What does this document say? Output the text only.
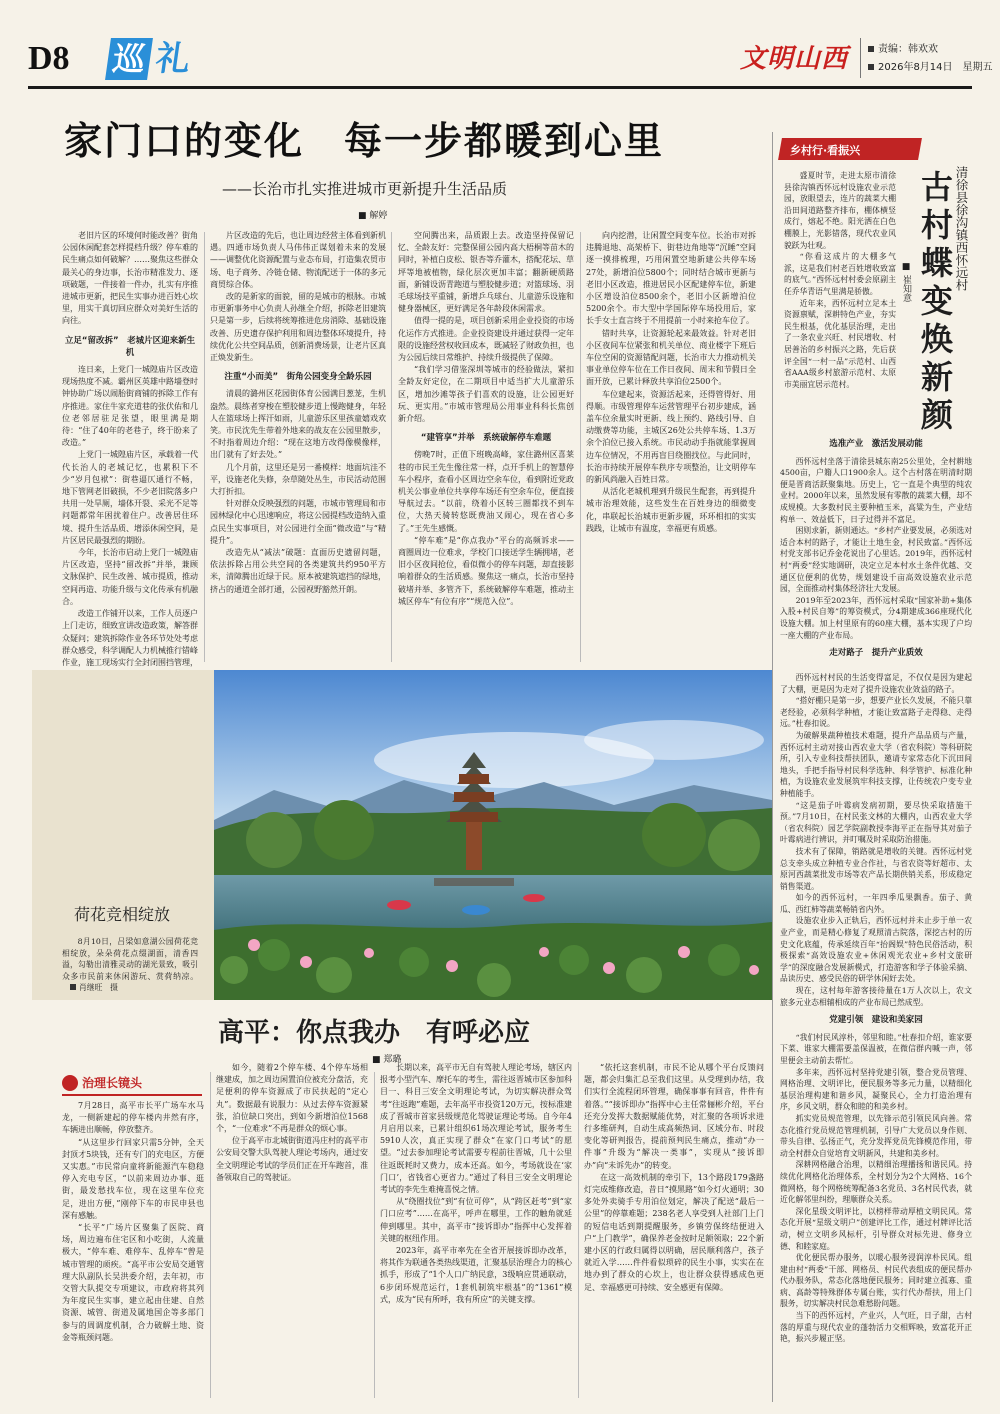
D8 巡 礼	文明山西	责编：韩欢欢
2026年8月14日　星期五
家门口的变化　每一步都暖到心里
——长治市扎实推进城市更新提升生活品质
■ 解婷

老旧片区的环境何时能改善？街角公园休闲配套怎样提档升级？停车难的民生痛点如何破解？……聚焦这些群众最关心的身边事，长治市精准发力、逐项破题，一件接着一件办，扎实有序推进城市更新，把民生实事办进百姓心坎里，用实干真切回应群众对美好生活的向往。

立足“留改拆”　老城片区迎来新生机

连日来，上党门一城隍庙片区改造现场热度不减。霸州区英雄中路墙登时钟协助广场以闹胎街商铺的拆除工作有序推进。家住牛家充道巷的张伏佑和几位老邻居驻足张望，眼里满是期待：“住了40年的老巷子，终于盼来了改造。”

上党门一城隍庙片区，承载着一代代长治人的老城记忆，也累积下不少“岁月包袱”：街巷逼仄通行不畅，地下管网老旧破损，不少老旧院落多户共用一处旱厕，墙体开裂、采光不足等问题都常年困扰着住户。改善居住环境、提升生活品质、增添休闲空间，是片区居民最强烈的期盼。

今年，长治市启动上党门一城隍庙片区改造，坚持“留改拆”并举，兼顾文脉保护、民生改善、城市提质，推动空间再造、功能升级与文化传承有机融合。

改造工作铺开以来，工作人员逐户上门走访，细致宣讲改造政策，解答群众疑问；建筑拆除作业各环节处处考虑群众感受，科学调配人力机械推行错峰作业，施工现场实行全封闭围挡管理，

片区改造的先后，也让周边经营主体看到新机遇。四通市场负责人马伟伟正谋划着未来的发展——调整优化资源配置与业态布局，打造集农贸市场、电子商务、冷链仓储、物流配送于一体的多元商贸综合体。

改的是新家的面貌，留的是城市的根脉。市城市更新事务中心负责人孙继全介绍，拆除老旧建筑只是第一步，后续将统筹推进危房消除、基础设施改善、历史遗存保护利用和周边整体环境提升，持续优化公共空间品质，创新消费场景，让老片区真正焕发新生。

注重“小而美”　街角公园变身全龄乐园

清晨的潞州区花园街体育公园满目葱茏，生机盎然。晨练者穿梭在塑胶健步道上慢跑健身，年轻人在篮球场上挥汗如雨，儿童游乐区里孩童嬉戏欢笑。市民沈先生带着外地来的战友在公园里散步，不时指着周边介绍：“现在这地方改得像模像样，出门就有了好去处。”

几个月前，这里还是另一番模样：地面坑洼不平，设施老化失修，杂草随处丛生，市民活动范围大打折扣。

针对群众反映强烈的问题，市城市管理局和市园林绿化中心迅速响应，将这公园提档改造纳入重点民生实事项目，对公园进行全面“微改造”与“精提升”。

改造先从“减法”破题：直面历史遗留问题，依法拆除占用公共空间的各类建筑共约950平方米，清障腾出近绿于民。原本被建筑遮挡的绿地，挤占的通道全部打通，公园视野豁然开朗。

空间腾出来，品质跟上去。改造坚持保留记忆、全龄友好：完整保留公园内高大梧桐等苗木的同时，补植白皮松、银杏等乔灌木，搭配花坛、草坪等地被植物，绿化层次更加丰富；翻新硬质路面，新铺设沥青跑道与塑胶健步道；对篮球场、羽毛球场技平重铺，新增乒乓球台、儿童游乐设施和健身器械区，更好满足各年龄段休闲需求。

值得一提的是，项目创新采用企业投资的市场化运作方式推进。企业投资建设并通过获得一定年限的设施经营权收回成本，既减轻了财政负担，也为公园后续日常维护、持续升级提供了保障。

“我们学习借鉴深圳等城市的经验做法，紧扣全龄友好定位，在二期项目中适当扩大儿童游乐区，增加沙滩等孩子们喜欢的设施，让公园更好玩、更实用。”市城市管理局公用事业科科长焦创新介绍。

“建管享”并举　系统破解停车难题

傍晚7时，正值下班晚高峰，家住潞州区喜莱巷的市民王先生像往常一样，点开手机上的智慧停车小程序，查看小区周边空余车位，看到附近党政机关公事业单位共享停车场还有空余车位，便直接导航过去。“以前，绕着小区转三圈都找不到车位，大热天骑转悠既费油又闹心，现在省心多了。”王先生感慨。

“停车难”是“你点我办”平台的高频诉求——商圈周边一位难求，学校门口接送学生辆拥堵，老旧小区夜间抢位，看似微小的停车问题，却直接影响着群众的生活质感。聚焦这一痛点，长治市坚持破堵并举、多管齐下，系统破解停车难题，推动主城区停车“有位有序”“规范入位”。

向内挖潜，让闲置空间变车位。长治市对拆违腾退地、高架桥下、街巷边角地等“沉睡”空间逐一摸排梳理，巧用闲置空地新建公共停车场27处，新增泊位5800个；同时结合城市更新与老旧小区改造，推进居民小区配建停车位，新建小区增设泊位8500余个，老旧小区新增泊位5200余个。市大型中学国际停车场投用后，家长手女士直言终于不用提前一小时来抢车位了。

错时共享，让资源轮起来最效益。针对老旧小区夜间车位紧张和机关单位、商业楼字下班后车位空闲的资源错配问题，长治市大力推动机关事业单位停车位在工作日夜间、周末和节假日全面开放，已累计释放共享泊位2500个。

车位建起来，资源活起来，还得管得好、用得顺。市级管理停车运营管理平台初步建成，涵盖车位余量实时更新、线上预约、路线引导、自动缴费等功能，主城区26处公共停车场、1.3万余个泊位已接入系统。市民动动手指就能掌握周边车位情况，不用再盲目绕圈找位。与此同时，长治市持续开展停车秩序专项整治，让文明停车的新风尚融入百姓日常。

从活化老城机理到升级民生配套，再到提升城市治理效能，这些发生在百姓身边的细微变化，串联起长治城市更新步履，环环相扣的实实践践，让城市有温度，幸福更有质感。

乡村行·看振兴

盛夏时节，走进太原市清徐县徐沟镇西怀远村设施农业示范园，放眼望去，连片的蔬菜大棚沿田间道路整齐排布，棚体横竖成行，熔起不绝。阳光洒在白色棚膜上，光影错落，现代农业风貌跃为壮观。

“你看这成片的大棚多气派，这是我们村老百姓增收致富的底气。”西怀远村村委会原副主任乔华青语气里满是骄傲。

近年来，西怀远村立足本土资源禀赋，深耕特色产业，夯实民生根基，优化基层治理，走出了一条农业兴旺、村民增收、村居善治的乡村振兴之路，先后获评全国“一村一品”示范村、山西省AAA级乡村旅游示范村、太原市美丽宜居示范村。

■ 崔知意 古村蝶变焕新颜 清徐县徐沟镇西怀远村

选准产业　激活发展动能

西怀远村坐落于清徐县城东南25公里处，全村耕地4500亩，户籍人口1900余人。这个古村落在明清时期便是晋商活跃聚集地。历史上，它一直是个典型的纯农业村。2000年以来，虽然发展有零散的蔬菜大棚，却不成规模。大多数村民主要种植玉米，高粱为生，产业结构单一、效益低下，日子过得并不富足。

困则求新，新则通达。“乡村产业要发展，必须选对适合本村的路子，才能让土地生金，村民致富。”西怀远村党支部书记乔金花说出了心里话。2019年，西怀远村村“两委”经实地调研，决定立足本村水土条件优越、交通区位便利的优势，规划建设千亩高效设施农业示范园，全面推动村集体经济壮大发展。

2019年至2023年，西怀远村采取“国家补助+集体入股+村民自筹”的筹资模式，分4期建成366座现代化设施大棚。加上村里原有的60座大棚，基本实现了户均一座大棚的产业布局。

走对路子　提升产业质效

西怀远村村民的生活变得富足，不仅仅是因为建起了大棚，更是因为走对了提升设施农业效益的路子。

“搭好棚只是第一步，想要产业长久发展，不能只靠老经验，必须科学种植，才能让致富路子走得稳、走得远。”杜春扣说。

为破解果蔬种植技术难题，提升产品品质与产量，西怀远村主动对接山西农业大学（省农科院）等科研院所，引入专业科技帮扶团队，邀请专家常态化下沉田间地头，手把手指导村民科学选种、科学管护、标准化种植，为设施农业发展筑牢科技支撑，让传统农户变专业种植能手。

“这是茄子叶霉病发病初期，要尽快采取措施干预。”7月10日，在村民张文林的大棚内，山西农业大学（省农科院）园艺学院副教授李海平正在指导其对茄子叶霉病进行辨识，并叮嘱及时采取防治措施。

技术有了保障，销路就是增收的关键。西怀远村党总支牵头成立种植专业合作社，与省农资等好超市、太原河西蔬菜批发市场等农产品长期供销关系，形成稳定销售渠道。

如今的西怀远村，一年四季瓜果飘香。茄子、黄瓜、西红柿等蔬菜畅销省内外。

设施农业步入正轨后，西怀远村并未止步于单一农业产业，而是精心修复了观照清古院落，深挖古村的历史文化底蕴，传承延续百年“抬阁娱”特色民俗活动，积极探索“高效设施农业+休闲观光农业+乡村文旅研学”的深度融合发展新模式，打造游客和学子体验采摘、品读历史、感受民俗的研学休闲好去处。

现在，这村每年游客接待量在1万人次以上，农文旅多元业态相辅相成的产业布局已然成型。

党建引领　建设和美家园

“我们村民风淳朴，邻里和睦。”杜春扣介绍，谁家要下菜、谁家大棚需要盖保温被，在微信群内喊一声，邻里便会主动前去帮忙。

多年来，西怀远村坚持党建引领，整合党员管理、网格治理、文明评比，便民服务等多元力量，以精细化基层治理构建和谐乡风，凝聚民心，全力打造治理有序，乡风文明，群众和睦的和美乡村。

抓实党员规范管理，以先锋示范引领民风向善。常态化推行党员规范管理机制，引导广大党员以身作则、带头自律、弘扬正气，充分发挥党员先锋模范作用，带动全村群众自觉培育文明新风，共建和美乡村。

深耕网格融合治理，以精细治理播扬和谐民风。持续优化网格化治理体系，全村划分为2个大网格、16个微网格，每个网格统筹配备3名党员、3名村民代表，就近化解邻里纠纷，理顺群众关系。

深化星级文明评比，以榜样带动厚植文明民风。常态化开展“星级文明户”创建评比工作，通过村牌评比活动，树立文明乡风标杆，引导群众对标先进、修身立德、和睦家庭。

优化便民帮办服务，以暖心服务浸润淳朴民风。组建由村“两委”干部、网格员、村民代表组成的便民帮办代办服务队，常态化落地便民服务；同时建立孤寡、重病、高龄等特殊群体专属台账，实行代办帮扶，用上门服务，切实解决村民急难愁盼问题。

当下的西怀远村，产业兴，人气旺，日子甜，古村落的厚重与现代农业的蓬勃活力交相辉映，致富花开正艳，振兴步履正坚。

荷花竞相绽放
8月10日，吕梁如意湖公园荷花竞相绽放，朵朵荷花点缀湖面，清香四溢，勾勒出清雅灵动的湖光景致，吸引众多市民前来休闲游玩、赏荷纳凉。 肖继旺　摄
高平：你点我办　有呼必应
■ 郑璐
治理长镜头

7月28日，高平市长平广场车水马龙，一侧新建起的停车楼内井然有序，车辆进出顺畅，停放整齐。

“从这里步行回家只需5分钟，全天封顶才5块钱，还有专门的充电区，方便又实惠。”市民常向童将新能源汽车稳稳停入充电专区，“以前来周边办事、逛街，最发愁找车位，现在这里车位充足，进出方便，”刚停下车的市民申县也深有感触。

“长平”广场片区聚集了医院、商场，周边遍布住宅区和小吃街，人流量极大，“停车难、难停车、乱停车”曾是城市管理的顽疾。“高平市公安局交通管理大队副队长吴洪委介绍，去年初，市交管大队提交专项建议，市政府将其列为年度民生实事，建立起由住建、自然资源、城管、街道及属地国企等多部门参与的周调度机制，合力破解土地、资金等瓶颈问题。

如今，随着2个停车楼、4个停车场相继建成，加之周边闲置泊位被充分盘活，充足便利的停车资源成了市民扶起的“定心丸”。数据最有说服力：从过去停车资源紧张，泊位缺口突出，到如今新增泊位1568个，“一位难求”不再是群众的烦心事。

位于高平市北城街街道冯庄村的高平市公安局交警大队驾驶人理论考场内，通过安全文明理论考试的学员们正在开车跑首，准备领取自己的驾驶证。

长期以来，高平市无自有驾驶人理论考场，辖区内报考小型汽车、摩托车的考生，需往返晋城市区参加科目一、科目三安全文明理论考试，为切实解决群众驾考“往返跑”难题，去年高平市投资120万元，按标准建成了晋城市首家县级规范化驾驶证理论考场。自今年4月启用以来，已累计组织61场次理论考试，服务考生5910人次，真正实现了群众“在家门口考试”的愿望。“过去参加理论考试需要专程前往晋城，几十公里往返既耗时又费力，成本还高。如今，考场就设在‘家门口’，省钱省心更省力。”通过了科目三安全文明理论考试的李先生难掩喜悦之情。

从“绕圈找位”到“有位可停”，从“跨区赶考”到“家门口应考”……在高平，呼声在哪里，工作的触角就延伸到哪里。其中，高平市“接诉即办”指挥中心发挥着关键的枢纽作用。

2023年，高平市率先在全省开展接诉即办改革，将其作为联通各类热线渠道，汇聚基层治理合力的核心抓手，形成了“1个人口广纳民意，3级响应贯通联动，6步闭环规范运行，1套机制筑牢根基”的“1361”模式，成为“民有所呼，我有所应”的关键支撑。

“依托这套机制，市民不论从哪个平台反馈问题，都会归集汇总至我们这里。从受理到办结，我们实行全流程闭环管理，确保事事有回音，件件有着落。”“接诉即办”指挥中心主任常俪彬介绍，平台还充分发挥大数据赋能优势，对汇聚的各项诉求进行多维研判，自动生成高频热词、区域分布、时段变化等研判报告，提前预判民生痛点，推动“办一件事”升级为“解决一类事”，实现从“接诉即办”向“未诉先办”的转变。

在这一高效机制的牵引下，13个路段179盏路灯完成维修改造，昔日“摸黑路”如今灯火通明；30多处外卖骑手专用泊位划定，解决了配送“最后一公里”的停靠难题；238名老人享受到人社部门上门的短信电话到期提醒服务，乡镇劳保终结便进入户“上门教学”，确保养老金按时足额领取；22个新建小区的行政归属得以明确，居民顺利落户，孩子就近入学……件件看似琐碎的民生小事，实实在在地办到了群众的心坎上，也让群众获得感成色更足、幸福感更可持续、安全感更有保障。
